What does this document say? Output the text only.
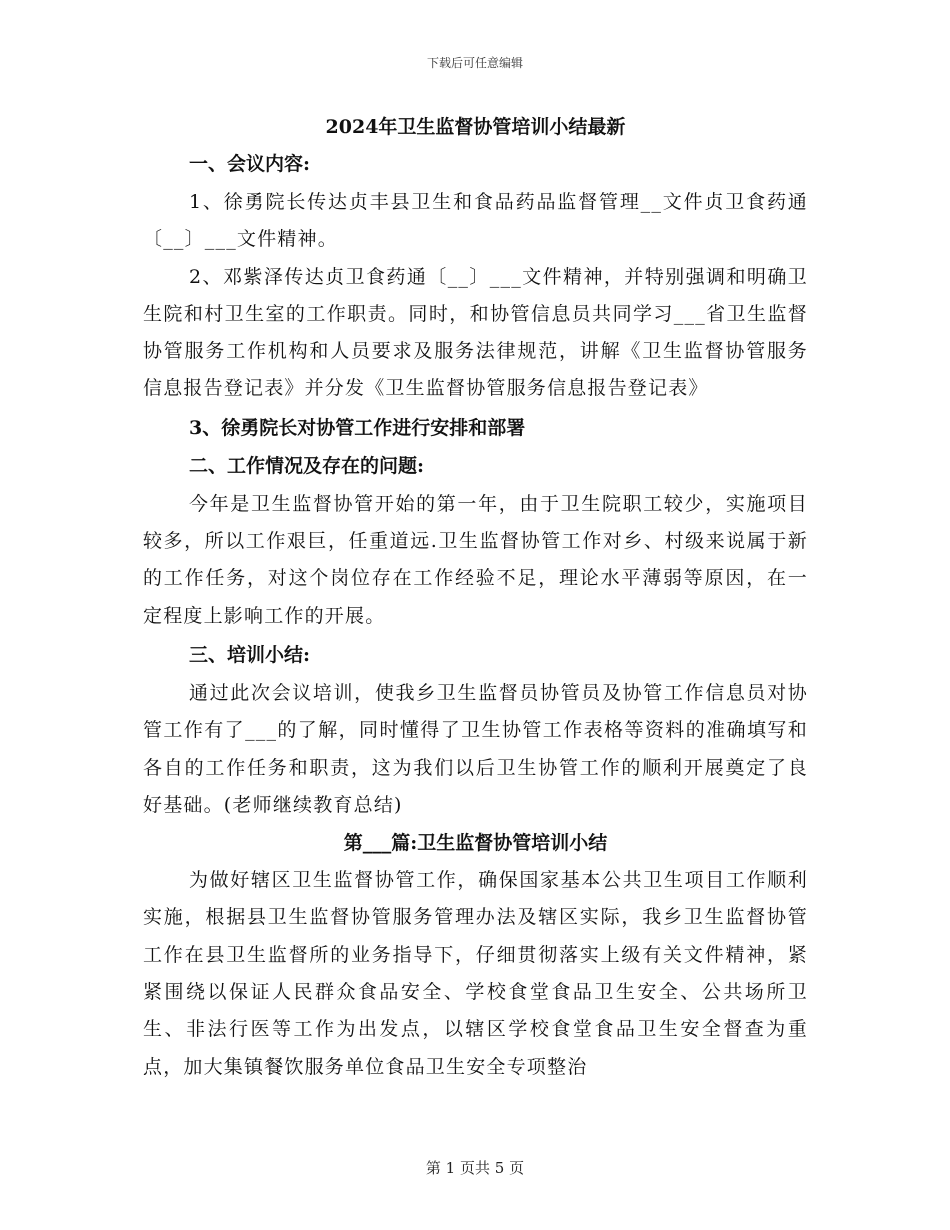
下载后可任意编辑
2024年卫生监督协管培训小结最新
一、会议内容:

1、徐勇院长传达贞丰县卫生和食品药品监督管理__文件贞卫食药通〔__〕___文件精神。

2、邓紫泽传达贞卫食药通〔__〕___文件精神，并特别强调和明确卫生院和村卫生室的工作职责。同时，和协管信息员共同学习___省卫生监督协管服务工作机构和人员要求及服务法律规范，讲解《卫生监督协管服务信息报告登记表》并分发《卫生监督协管服务信息报告登记表》

3、徐勇院长对协管工作进行安排和部署
二、工作情况及存在的问题:

今年是卫生监督协管开始的第一年，由于卫生院职工较少，实施项目较多，所以工作艰巨，任重道远.卫生监督协管工作对乡、村级来说属于新的工作任务，对这个岗位存在工作经验不足，理论水平薄弱等原因，在一定程度上影响工作的开展。

三、培训小结:

通过此次会议培训，使我乡卫生监督员协管员及协管工作信息员对协管工作有了___的了解，同时懂得了卫生协管工作表格等资料的准确填写和各自的工作任务和职责，这为我们以后卫生协管工作的顺利开展奠定了良好基础。(老师继续教育总结)

第___篇:卫生监督协管培训小结

为做好辖区卫生监督协管工作，确保国家基本公共卫生项目工作顺利实施，根据县卫生监督协管服务管理办法及辖区实际，我乡卫生监督协管工作在县卫生监督所的业务指导下，仔细贯彻落实上级有关文件精神，紧紧围绕以保证人民群众食品安全、学校食堂食品卫生安全、公共场所卫生、非法行医等工作为出发点，以辖区学校食堂食品卫生安全督查为重点，加大集镇餐饮服务单位食品卫生安全专项整治

第 1 页共 5 页
